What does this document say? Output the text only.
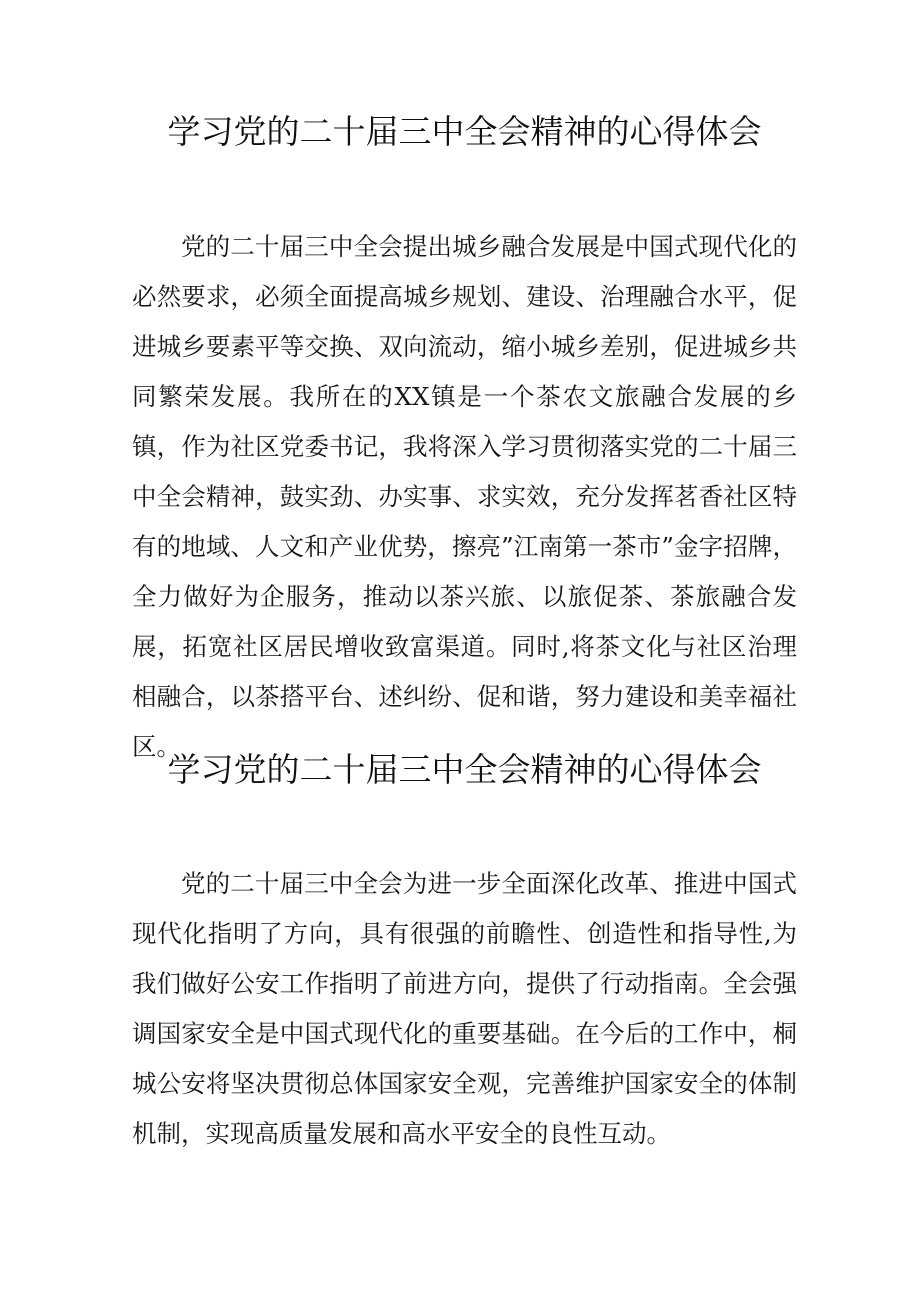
学习党的二十届三中全会精神的心得体会

党的二十届三中全会提出城乡融合发展是中国式现代化的必然要求，必须全面提高城乡规划、建设、治理融合水平，促进城乡要素平等交换、双向流动，缩小城乡差别，促进城乡共同繁荣发展。我所在的XX镇是一个茶农文旅融合发展的乡镇，作为社区党委书记，我将深入学习贯彻落实党的二十届三中全会精神，鼓实劲、办实事、求实效，充分发挥茗香社区特有的地域、人文和产业优势，擦亮”江南第一茶市”金字招牌，全力做好为企服务，推动以茶兴旅、以旅促茶、茶旅融合发展，拓宽社区居民增收致富渠道。同时,将茶文化与社区治理相融合，以茶搭平台、述纠纷、促和谐，努力建设和美幸福社区。

学习党的二十届三中全会精神的心得体会

党的二十届三中全会为进一步全面深化改革、推进中国式现代化指明了方向，具有很强的前瞻性、创造性和指导性,为我们做好公安工作指明了前进方向，提供了行动指南。全会强调国家安全是中国式现代化的重要基础。在今后的工作中，桐城公安将坚决贯彻总体国家安全观，完善维护国家安全的体制机制，实现高质量发展和高水平安全的良性互动。
